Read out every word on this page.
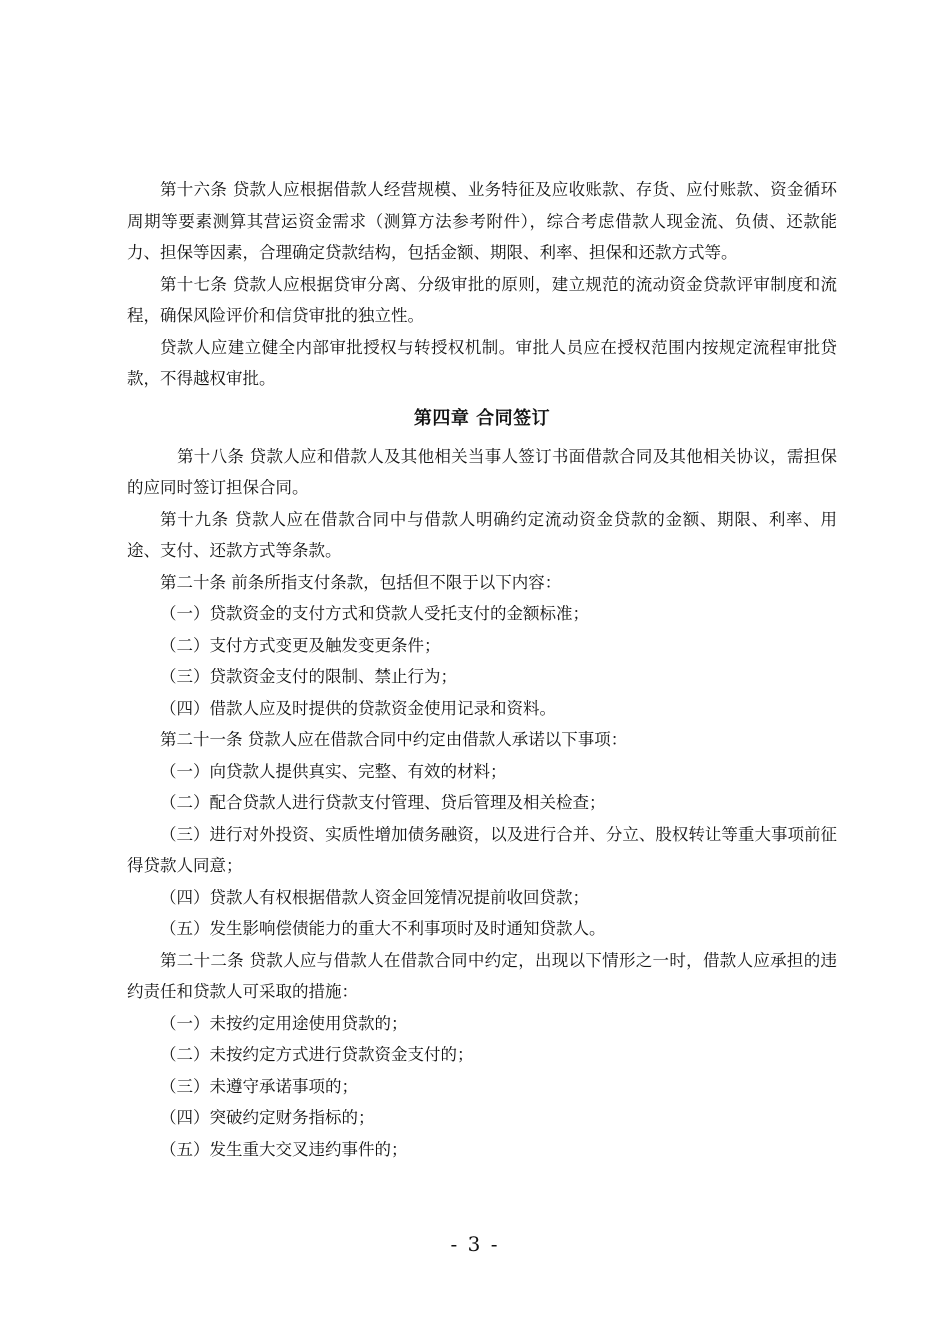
第十六条 贷款人应根据借款人经营规模、业务特征及应收账款、存货、应付账款、资金循环周期等要素测算其营运资金需求（测算方法参考附件），综合考虑借款人现金流、负债、还款能力、担保等因素，合理确定贷款结构，包括金额、期限、利率、担保和还款方式等。

第十七条 贷款人应根据贷审分离、分级审批的原则，建立规范的流动资金贷款评审制度和流程，确保风险评价和信贷审批的独立性。

贷款人应建立健全内部审批授权与转授权机制。审批人员应在授权范围内按规定流程审批贷款，不得越权审批。

第四章 合同签订

第十八条 贷款人应和借款人及其他相关当事人签订书面借款合同及其他相关协议，需担保的应同时签订担保合同。

第十九条 贷款人应在借款合同中与借款人明确约定流动资金贷款的金额、期限、利率、用途、支付、还款方式等条款。

第二十条 前条所指支付条款，包括但不限于以下内容：

（一）贷款资金的支付方式和贷款人受托支付的金额标准；

（二）支付方式变更及触发变更条件；

（三）贷款资金支付的限制、禁止行为；

（四）借款人应及时提供的贷款资金使用记录和资料。

第二十一条 贷款人应在借款合同中约定由借款人承诺以下事项：

（一）向贷款人提供真实、完整、有效的材料；

（二）配合贷款人进行贷款支付管理、贷后管理及相关检查；

（三）进行对外投资、实质性增加债务融资，以及进行合并、分立、股权转让等重大事项前征得贷款人同意；

（四）贷款人有权根据借款人资金回笼情况提前收回贷款；

（五）发生影响偿债能力的重大不利事项时及时通知贷款人。

第二十二条 贷款人应与借款人在借款合同中约定，出现以下情形之一时，借款人应承担的违约责任和贷款人可采取的措施：

（一）未按约定用途使用贷款的；

（二）未按约定方式进行贷款资金支付的；

（三）未遵守承诺事项的；

（四）突破约定财务指标的；

（五）发生重大交叉违约事件的；

- 3 -
